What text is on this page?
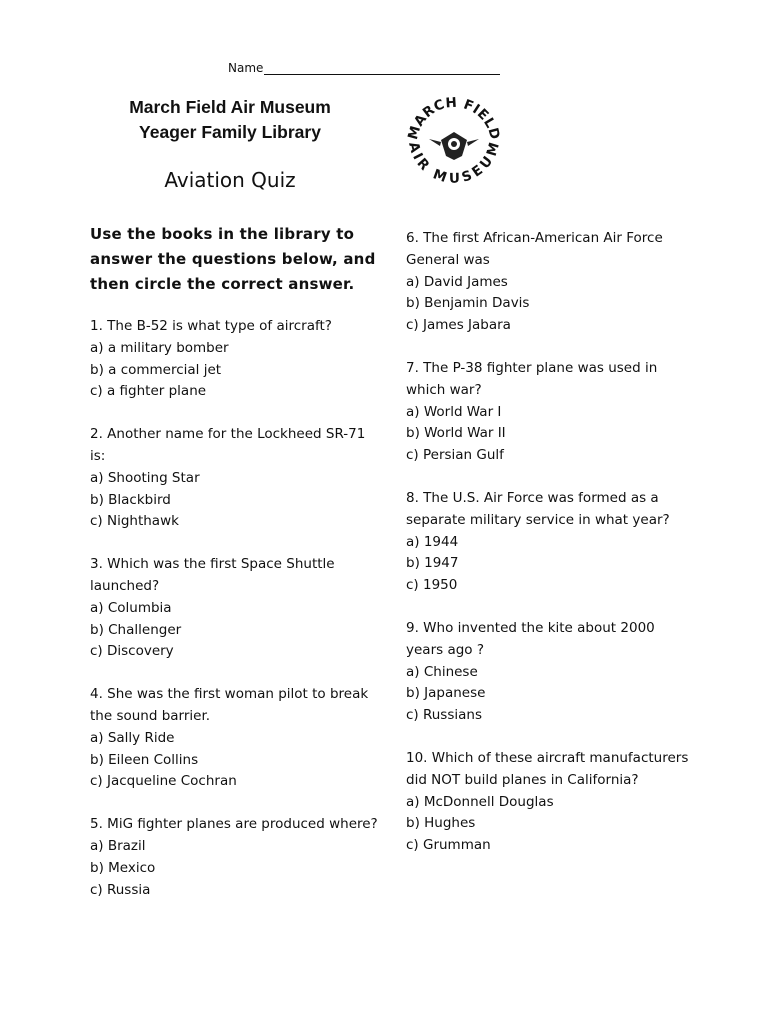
Name
March Field Air Museum
Yeager Family Library
Aviation Quiz
MARCH FIELD
AIR MUSEUM
Use the books in the library to answer the questions below, and then circle the correct answer.
1. The B-52 is what type of aircraft?
a) a military bomber
b) a commercial jet
c) a fighter plane
2. Another name for the Lockheed SR-71 is:
a) Shooting Star
b) Blackbird
c) Nighthawk
3. Which was the first Space Shuttle launched?
a) Columbia
b) Challenger
c) Discovery
4. She was the first woman pilot to break the sound barrier.
a) Sally Ride
b) Eileen Collins
c) Jacqueline Cochran
5. MiG fighter planes are produced where?
a) Brazil
b) Mexico
c) Russia
6. The first African-American Air Force General was
a) David James
b) Benjamin Davis
c) James Jabara
7. The P-38 fighter plane was used in which war?
a) World War I
b) World War II
c) Persian Gulf
8. The U.S. Air Force was formed as a separate military service in what year?
a) 1944
b) 1947
c) 1950
9. Who invented the kite about 2000 years ago ?
a) Chinese
b) Japanese
c) Russians
10. Which of these aircraft manufacturers did NOT build planes in California?
a) McDonnell Douglas
b) Hughes
c) Grumman
